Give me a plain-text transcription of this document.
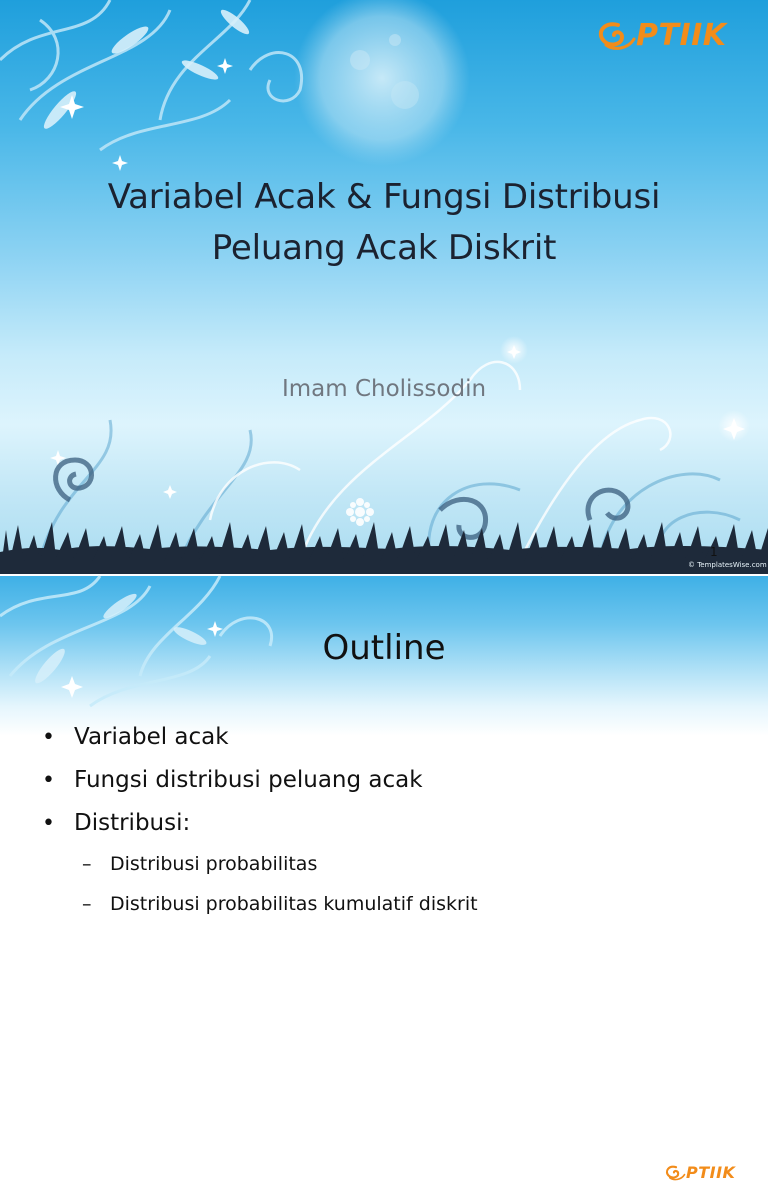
PTIIK
Variabel Acak & Fungsi Distribusi
Peluang Acak Diskrit
Imam Cholissodin
1
© TemplatesWise.com
PTIIK
Outline
• Variabel acak
• Fungsi distribusi peluang acak
• Distribusi:
– Distribusi probabilitas
– Distribusi probabilitas kumulatif diskrit
